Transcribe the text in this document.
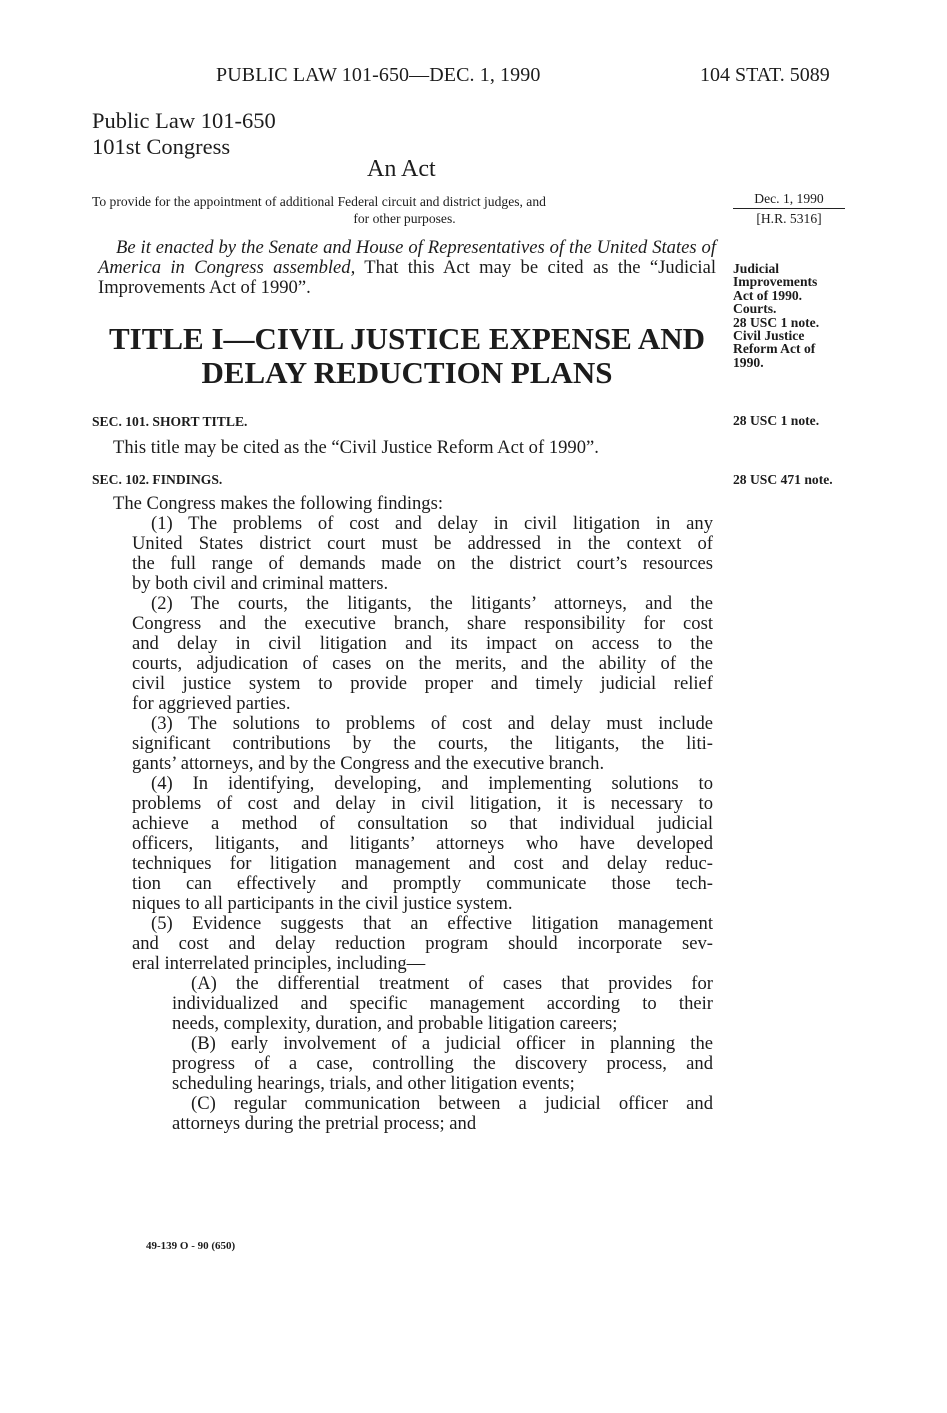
PUBLIC LAW 101-650—DEC. 1, 1990	104 STAT. 5089
Public Law 101-650
101st Congress
An Act
To provide for the appointment of additional Federal circuit and district judges, and
for other purposes.
Dec. 1, 1990
[H.R. 5316]

Be it enacted by the Senate and House of Representatives of the United States of America in Congress assembled, That this Act may be cited as the “Judicial Improvements Act of 1990”.

Judicial
Improvements
Act of 1990.
Courts.
28 USC 1 note.
Civil Justice
Reform Act of
1990.
TITLE I—CIVIL JUSTICE EXPENSE AND DELAY REDUCTION PLANS
SEC. 101. SHORT TITLE.	28 USC 1 note.
This title may be cited as the “Civil Justice Reform Act of 1990”.
SEC. 102. FINDINGS.	28 USC 471 note.
The Congress makes the following findings:
(1) The problems of cost and delay in civil litigation in any
United States district court must be addressed in the context of
the full range of demands made on the district court’s resources
by both civil and criminal matters.
(2) The courts, the litigants, the litigants’ attorneys, and the
Congress and the executive branch, share responsibility for cost
and delay in civil litigation and its impact on access to the
courts, adjudication of cases on the merits, and the ability of the
civil justice system to provide proper and timely judicial relief
for aggrieved parties.
(3) The solutions to problems of cost and delay must include
significant contributions by the courts, the litigants, the liti-
gants’ attorneys, and by the Congress and the executive branch.
(4) In identifying, developing, and implementing solutions to
problems of cost and delay in civil litigation, it is necessary to
achieve a method of consultation so that individual judicial
officers, litigants, and litigants’ attorneys who have developed
techniques for litigation management and cost and delay reduc-
tion can effectively and promptly communicate those tech-
niques to all participants in the civil justice system.
(5) Evidence suggests that an effective litigation management
and cost and delay reduction program should incorporate sev-
eral interrelated principles, including—
(A) the differential treatment of cases that provides for
individualized and specific management according to their
needs, complexity, duration, and probable litigation careers;
(B) early involvement of a judicial officer in planning the
progress of a case, controlling the discovery process, and
scheduling hearings, trials, and other litigation events;
(C) regular communication between a judicial officer and
attorneys during the pretrial process; and
49-139 O - 90 (650)
